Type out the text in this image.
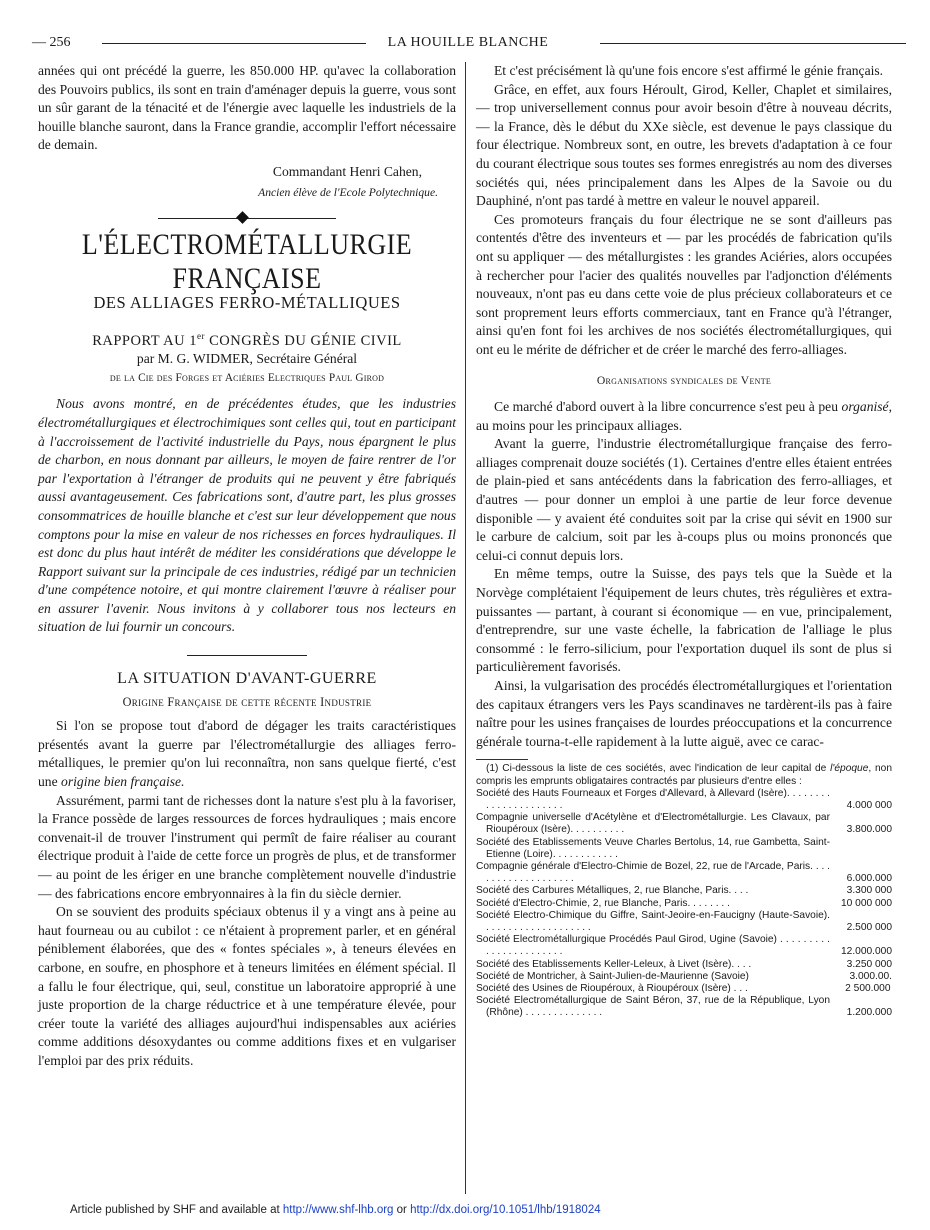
— 256	LA HOUILLE BLANCHE

années qui ont précédé la guerre, les 850.000 HP. qu'avec la collaboration des Pouvoirs publics, ils sont en train d'aménager depuis la guerre, vous sont un sûr garant de la ténacité et de l'énergie avec laquelle les industriels de la houille blanche sauront, dans la France grandie, accomplir l'effort nécessaire de demain.

Commandant Henri Cahen,

Ancien élève de l'Ecole Polytechnique.

L'ÉLECTROMÉTALLURGIE FRANÇAISE
DES ALLIAGES FERRO-MÉTALLIQUES
RAPPORT AU 1er CONGRÈS DU GÉNIE CIVIL
par M. G. WIDMER, Secrétaire Général
de la Cie des Forges et Aciéries Electriques Paul Girod

Nous avons montré, en de précédentes études, que les industries électrométallurgiques et électrochimiques sont celles qui, tout en participant à l'accroissement de l'activité industrielle du Pays, nous épargnent le plus de charbon, en nous donnant par ailleurs, le moyen de faire rentrer de l'or par l'exportation à l'étranger de produits qui ne peuvent y être fabriqués aussi avantageusement. Ces fabrications sont, d'autre part, les plus grosses consommatrices de houille blanche et c'est sur leur développement que nous comptons pour la mise en valeur de nos richesses en forces hydrauliques. Il est donc du plus haut intérêt de méditer les considérations que développe le Rapport suivant sur la principale de ces industries, rédigé par un technicien d'une compétence notoire, et qui montre clairement l'œuvre à réaliser pour en assurer l'avenir. Nous invitons à y collaborer tous nos lecteurs en situation de lui fournir un concours.

LA SITUATION D'AVANT-GUERRE
Origine Française de cette récente Industrie

Si l'on se propose tout d'abord de dégager les traits caractéristiques présentés avant la guerre par l'électrométallurgie des alliages ferro-métalliques, le premier qu'on lui reconnaîtra, non sans quelque fierté, c'est une origine bien française.

Assurément, parmi tant de richesses dont la nature s'est plu à la favoriser, la France possède de larges ressources de forces hydrauliques ; mais encore convenait-il de trouver l'instrument qui permît de faire réaliser au courant électrique produit à l'aide de cette force un progrès de plus, et de transformer — au point de les ériger en une branche complètement nouvelle d'industrie — des fabrications encore embryonnaires à la fin du siècle dernier.

On se souvient des produits spéciaux obtenus il y a vingt ans à peine au haut fourneau ou au cubilot : ce n'étaient à proprement parler, et en général péniblement élaborées, que des « fontes spéciales », à teneurs élevées en carbone, en soufre, en phosphore et à teneurs limitées en élément spécial. Il a fallu le four électrique, qui, seul, constitue un laboratoire approprié à une juste proportion de la charge réductrice et à une température élevée, pour créer toute la variété des alliages aujourd'hui indispensables aux aciéries comme additions désoxydantes ou comme additions fixes et en vulgariser l'emploi par des prix réduits.

Et c'est précisément là qu'une fois encore s'est affirmé le génie français.

Grâce, en effet, aux fours Héroult, Girod, Keller, Chaplet et similaires, — trop universellement connus pour avoir besoin d'être à nouveau décrits, — la France, dès le début du XXe siècle, est devenue le pays classique du four électrique. Nombreux sont, en outre, les brevets d'adaptation à ce four du courant électrique sous toutes ses formes enregistrés au nom des diverses sociétés qui, nées principalement dans les Alpes de la Savoie ou du Dauphiné, n'ont pas tardé à mettre en valeur le nouvel appareil.

Ces promoteurs français du four électrique ne se sont d'ailleurs pas contentés d'être des inventeurs et — par les procédés de fabrication qu'ils ont su appliquer — des métallurgistes : les grandes Aciéries, alors occupées à rechercher pour l'acier des qualités nouvelles par l'adjonction d'éléments nouveaux, n'ont pas eu dans cette voie de plus précieux collaborateurs et ce sont proprement leurs efforts commerciaux, tant en France qu'à l'étranger, ainsi qu'en font foi les archives de nos sociétés électrométallurgiques, qui ont eu le mérite de défricher et de créer le marché des ferro-alliages.

Organisations syndicales de Vente

Ce marché d'abord ouvert à la libre concurrence s'est peu à peu organisé, au moins pour les principaux alliages.

Avant la guerre, l'industrie électrométallurgique française des ferro-alliages comprenait douze sociétés (1). Certaines d'entre elles étaient entrées de plain-pied et sans antécédents dans la fabrication des ferro-alliages, et d'autres — pour donner un emploi à une partie de leur force devenue disponible — y avaient été conduites soit par la crise qui sévit en 1900 sur le carbure de calcium, soit par les à-coups plus ou moins prononcés que celui-ci connut depuis lors.

En même temps, outre la Suisse, des pays tels que la Suède et la Norvège complétaient l'équipement de leurs chutes, très régulières et extra-puissantes — partant, à courant si économique — en vue, principalement, d'entreprendre, sur une vaste échelle, la fabrication de l'alliage le plus consommé : le ferro-silicium, pour l'exportation duquel ils sont de plus si particulièrement favorisés.

Ainsi, la vulgarisation des procédés électrométallurgiques et l'orientation des capitaux étrangers vers les Pays scandinaves ne tardèrent-ils pas à faire naître pour les usines françaises de lourdes préoccupations et la concurrence générale tourna-t-elle rapidement à la lutte aiguë, avec ce carac-

(1) Ci-dessous la liste de ces sociétés, avec l'indication de leur capital de l'époque, non compris les emprunts obligataires contractés par plusieurs d'entre elles :

Société des Hauts Fourneaux et Forges d'Allevard, à Allevard (Isère). . . . . . . . . . . . . . . . . . . . . .	4.000 000
Compagnie universelle d'Acétylène et d'Electrométallurgie. Les Clavaux, par Rioupéroux (Isère). . . . . . . . . .	3.800.000
Société des Etablissements Veuve Charles Bertolus, 14, rue Gambetta, Saint-Etienne (Loire). . . . . . . . . . . .
Compagnie générale d'Electro-Chimie de Bozel, 22, rue de l'Arcade, Paris. . . . . . . . . . . . . . . . . . . .	6.000.000
Société des Carbures Métalliques, 2, rue Blanche, Paris. . . .	3.300 000
Société d'Electro-Chimie, 2, rue Blanche, Paris. . . . . . . .	10 000 000
Société Electro-Chimique du Giffre, Saint-Jeoire-en-Faucigny (Haute-Savoie). . . . . . . . . . . . . . . . . . . .	2.500 000
Société Electrométallurgique Procédés Paul Girod, Ugine (Savoie) . . . . . . . . . . . . . . . . . . . . . . .	12.000.000
Société des Etablissements Keller-Leleux, à Livet (Isère). . . .	3.250 000
Société de Montricher, à Saint-Julien-de-Maurienne (Savoie)	3.000.00.
Société des Usines de Rioupéroux, à Rioupéroux (Isère) . . .	2 500.000
Société Electrométallurgique de Saint Béron, 37, rue de la République, Lyon (Rhône) . . . . . . . . . . . . . .	1.200.000
Article published by SHF and available at http://www.shf-lhb.org or http://dx.doi.org/10.1051/lhb/1918024
